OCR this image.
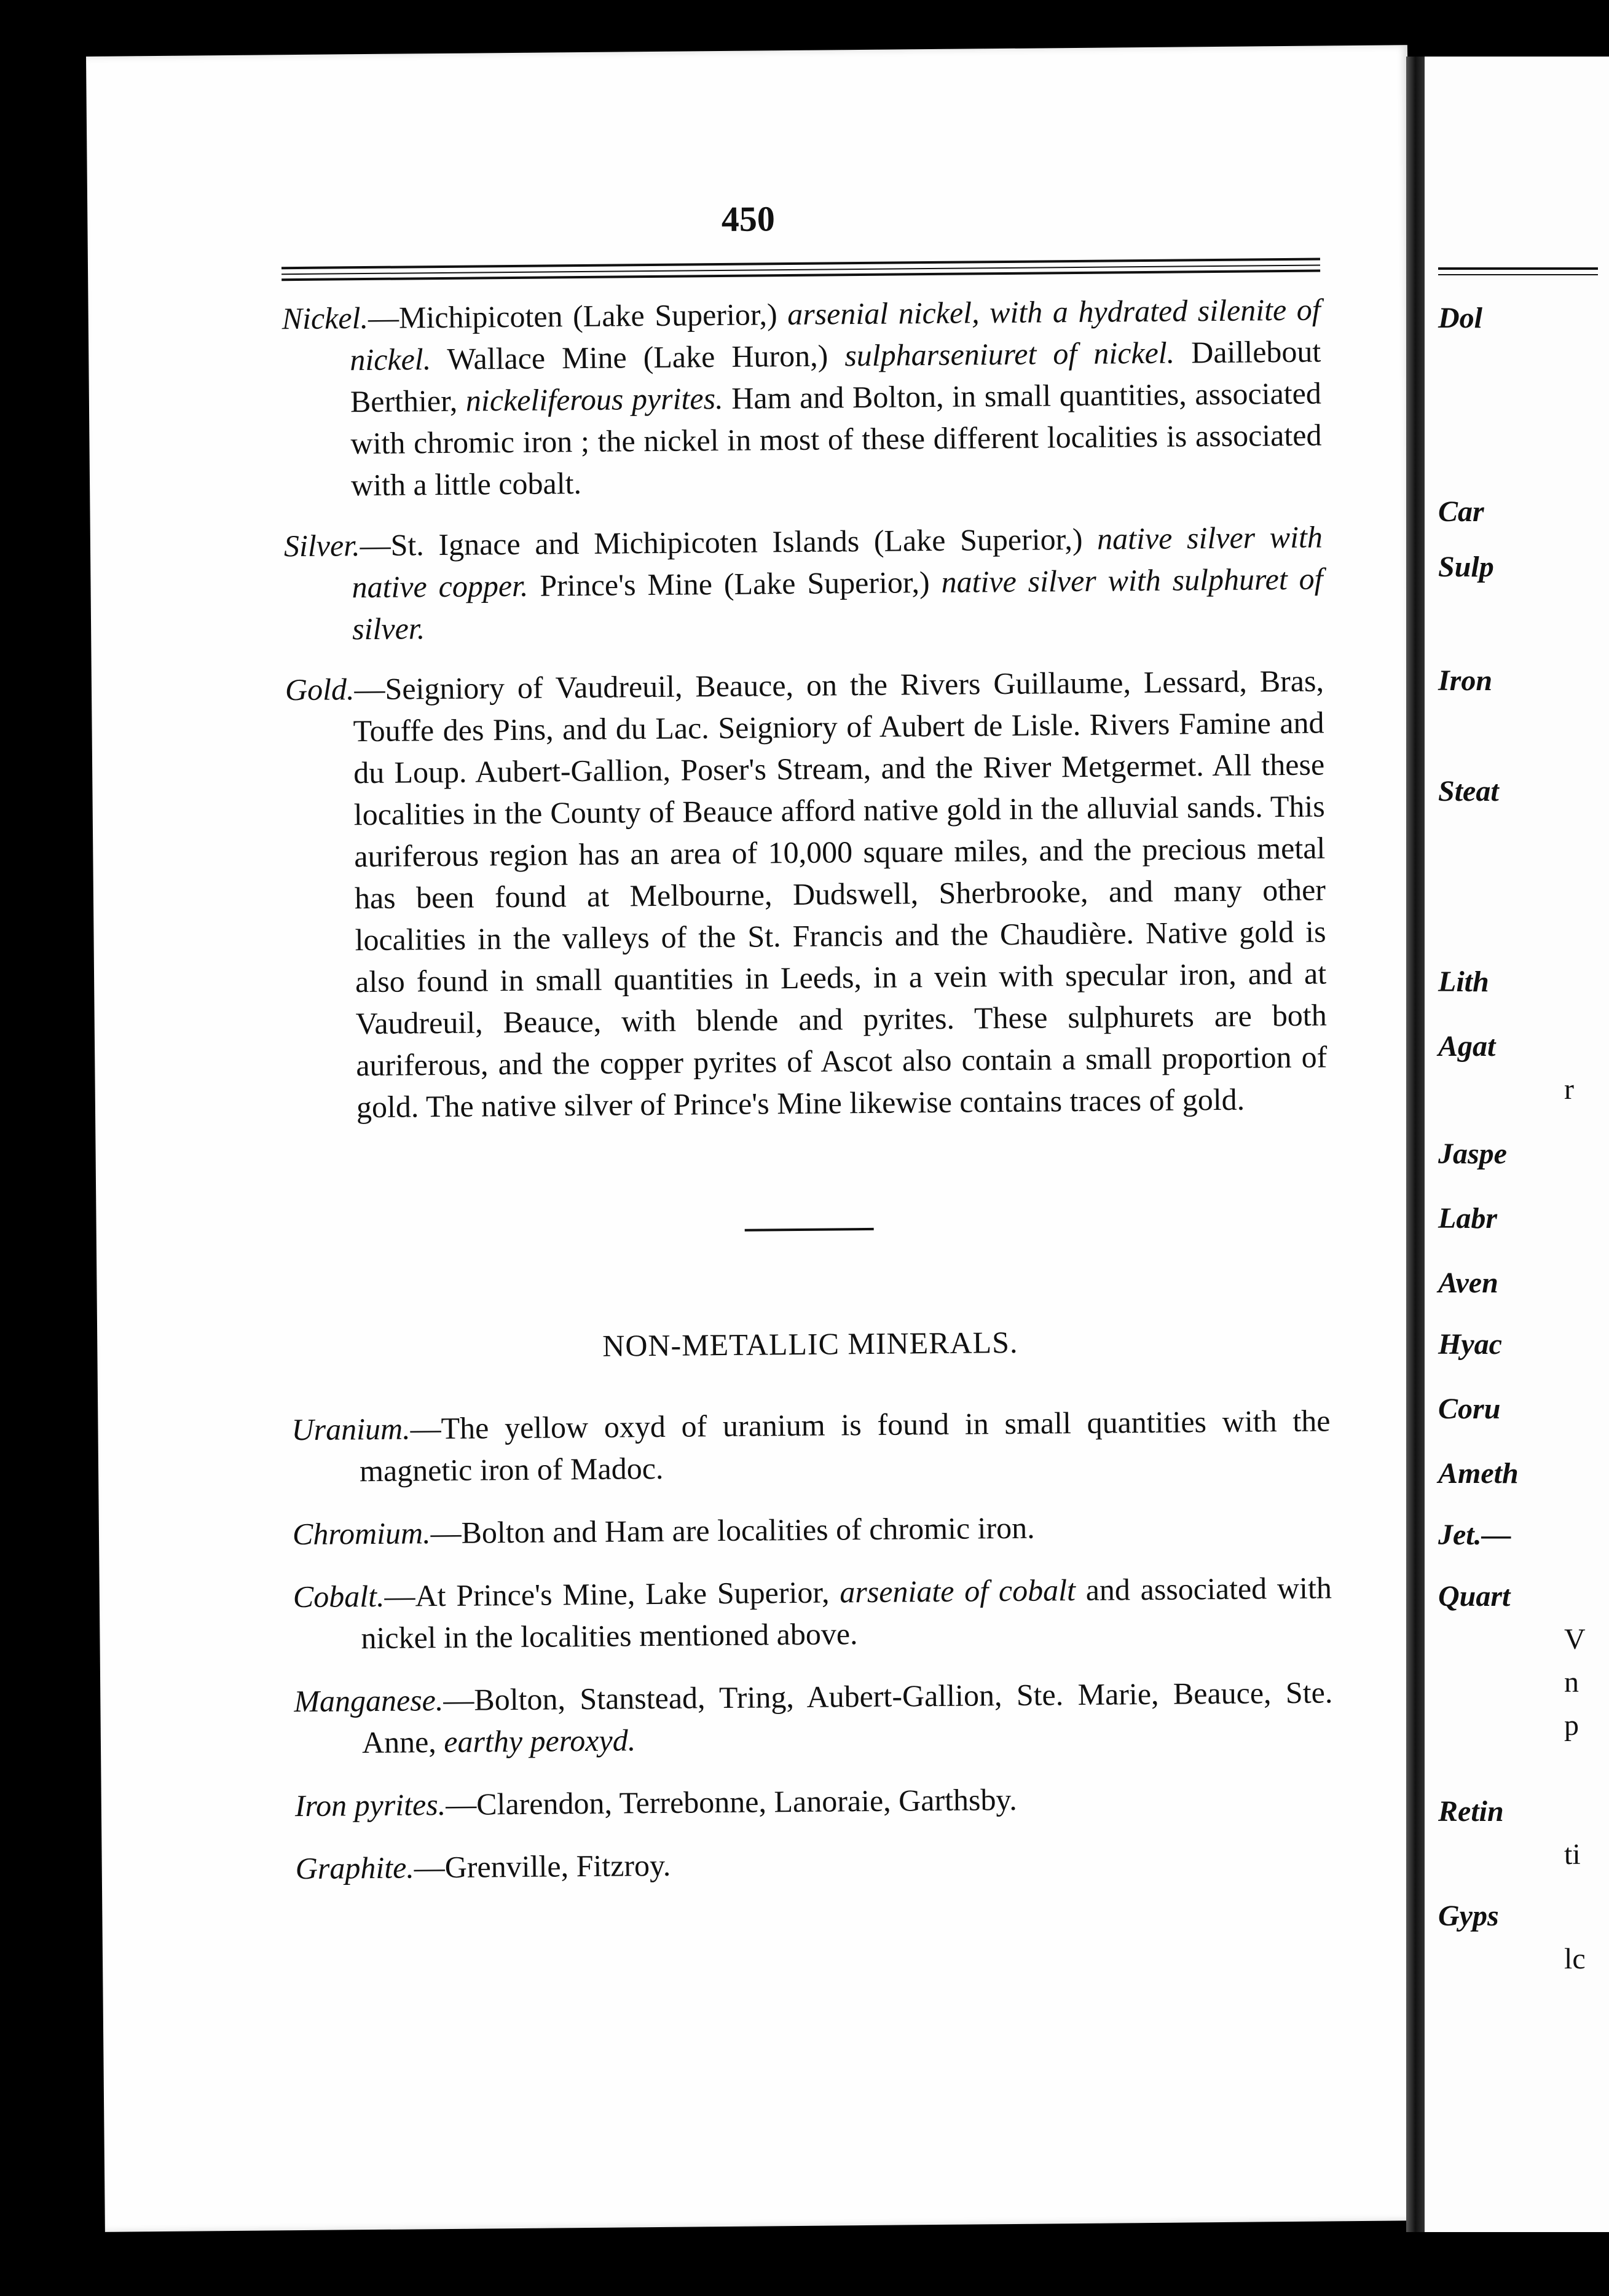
450

Nickel.—Michipicoten (Lake Superior,) arsenial nickel, with a hydrated silenite of nickel. Wallace Mine (Lake Huron,) sulpharseniuret of nickel. Daillebout Berthier, nickeliferous pyrites. Ham and Bolton, in small quantities, associated with chromic iron ; the nickel in most of these different localities is associated with a little cobalt.

Silver.—St. Ignace and Michipicoten Islands (Lake Superior,) native silver with native copper. Prince's Mine (Lake Superior,) native silver with sulphuret of silver.

Gold.—Seigniory of Vaudreuil, Beauce, on the Rivers Guillaume, Lessard, Bras, Touffe des Pins, and du Lac. Seigniory of Aubert de Lisle. Rivers Famine and du Loup. Aubert-Gallion, Poser's Stream, and the River Metgermet. All these localities in the County of Beauce afford native gold in the alluvial sands. This auriferous region has an area of 10,000 square miles, and the precious metal has been found at Melbourne, Dudswell, Sherbrooke, and many other localities in the valleys of the St. Francis and the Chaudière. Native gold is also found in small quantities in Leeds, in a vein with specular iron, and at Vaudreuil, Beauce, with blende and pyrites. These sulphurets are both auriferous, and the copper pyrites of Ascot also contain a small proportion of gold. The native silver of Prince's Mine likewise contains traces of gold.

NON-METALLIC MINERALS.

Uranium.—The yellow oxyd of uranium is found in small quantities with the magnetic iron of Madoc.

Chromium.—Bolton and Ham are localities of chromic iron.

Cobalt.—At Prince's Mine, Lake Superior, arseniate of cobalt and associated with nickel in the localities mentioned above.

Manganese.—Bolton, Stanstead, Tring, Aubert-Gallion, Ste. Marie, Beauce, Ste. Anne, earthy peroxyd.

Iron pyrites.—Clarendon, Terrebonne, Lanoraie, Garthsby.

Graphite.—Grenville, Fitzroy.

Dol
Car
Sulp
Iron
Steat
Lith
Agat
Jaspe
Labr
Aven
Hyac
Coru
Ameth
Jet.—
Quart
Retin
Gyps
r
V
n
p
ti
lc
